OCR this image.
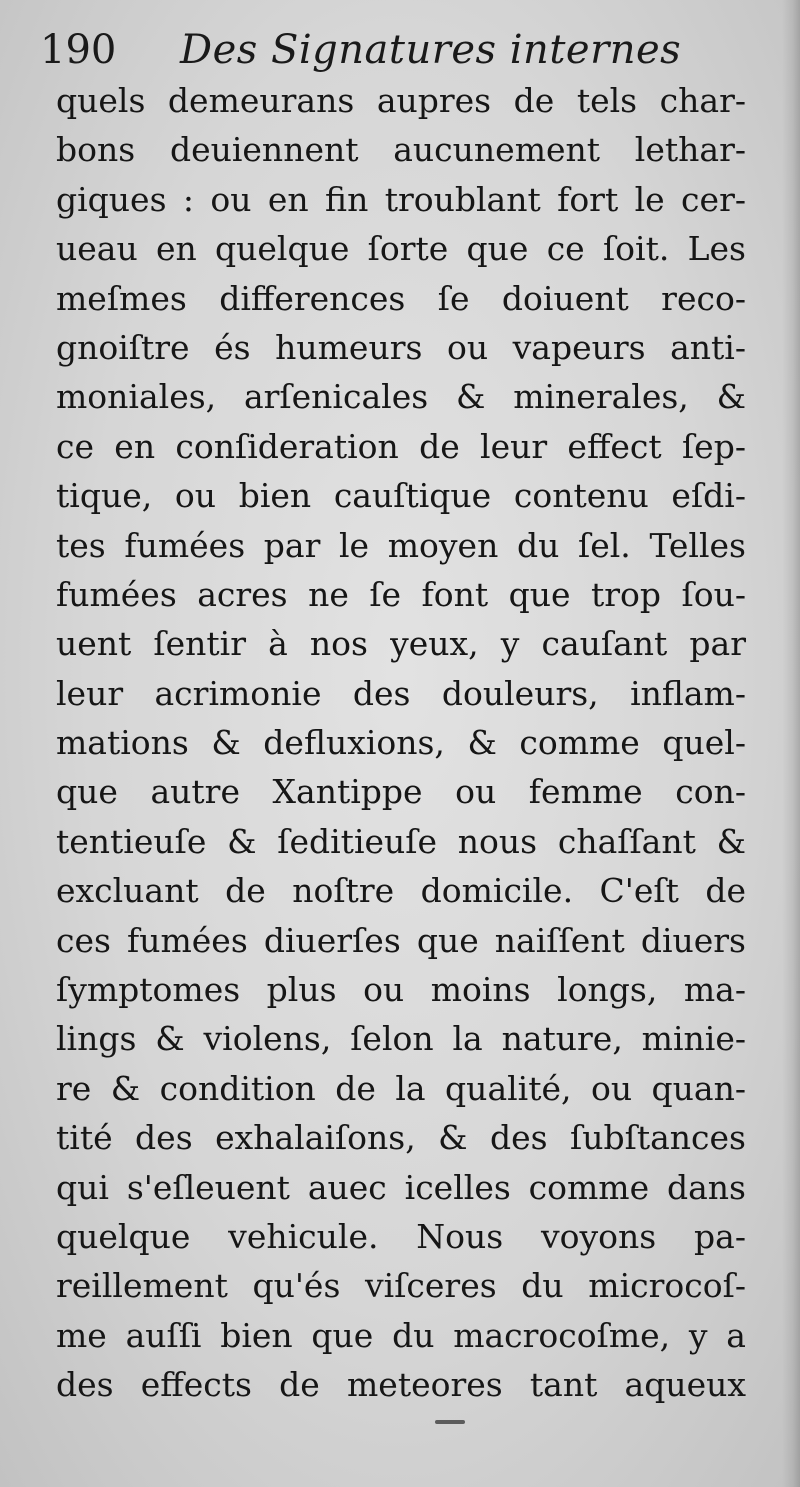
190 Des Signatures internes
quels demeurans aupres de tels char-
bons deuiennent aucunement lethar-
giques : ou en fin troublant fort le cer-
ueau en quelque ſorte que ce ſoit. Les
meſmes differences ſe doiuent reco-
gnoiſtre és humeurs ou vapeurs anti-
moniales, arſenicales & minerales, &
ce en conſideration de leur effect ſep-
tique, ou bien cauſtique contenu eſdi-
tes fumées par le moyen du ſel. Telles
fumées acres ne ſe font que trop ſou-
uent ſentir à nos yeux, y cauſant par
leur acrimonie des douleurs, inflam-
mations & defluxions, & comme quel-
que autre Xantippe ou femme con-
tentieuſe & ſeditieuſe nous chaſſant &
excluant de noſtre domicile. C'eſt de
ces fumées diuerſes que naiſſent diuers
ſymptomes plus ou moins longs, ma-
lings & violens, ſelon la nature, minie-
re & condition de la qualité, ou quan-
tité des exhalaiſons, & des ſubſtances
qui s'eſleuent auec icelles comme dans
quelque vehicule. Nous voyons pa-
reillement qu'és viſceres du microcoſ-
me auſſi bien que du macrocoſme, y a
des effects de meteores tant aqueux
